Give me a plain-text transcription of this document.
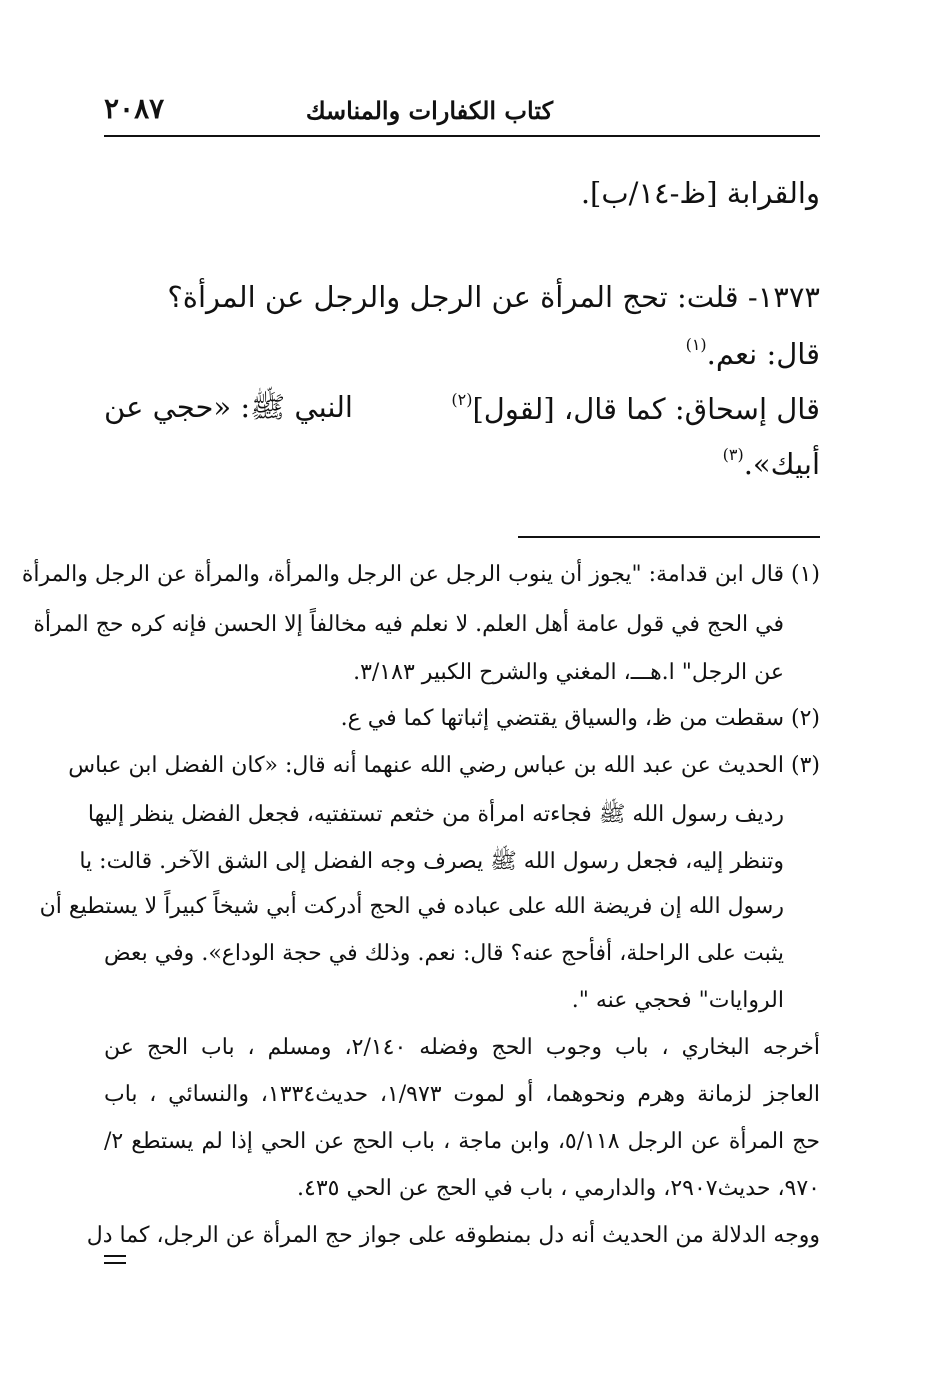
٢٠٨٧	كتاب الكفارات والمناسك
والقرابة [ظ-١٤/ب].
١٣٧٣- قلت: تحج المرأة عن الرجل والرجل عن المرأة؟
قال: نعم.$^{(١)}$
قال إسحاق: كما قال، [لقول]$^{(٢)}$
النبي ﷺ: «حجي عن
أبيك».$^{(٣)}$
(١) قال ابن قدامة: "يجوز أن ينوب الرجل عن الرجل والمرأة، والمرأة عن الرجل والمرأة
في الحج في قول عامة أهل العلم. لا نعلم فيه مخالفاً إلا الحسن فإنه كره حج المرأة
عن الرجل" ا.هـــ، المغني والشرح الكبير ٣/١٨٣.
(٢) سقطت من ظ، والسياق يقتضي إثباتها كما في ع.
(٣) الحديث عن عبد الله بن عباس رضي الله عنهما أنه قال: «كان الفضل ابن عباس
رديف رسول الله ﷺ فجاءته امرأة من خثعم تستفتيه، فجعل الفضل ينظر إليها
وتنظر إليه، فجعل رسول الله ﷺ يصرف وجه الفضل إلى الشق الآخر. قالت: يا
رسول الله إن فريضة الله على عباده في الحج أدركت أبي شيخاً كبيراً لا يستطيع أن
يثبت على الراحلة، أفأحج عنه؟ قال: نعم. وذلك في حجة الوداع». وفي بعض
الروايات" فحجي عنه ".
أخرجه البخاري ، باب وجوب الحج وفضله ٢/١٤٠، ومسلم ، باب الحج عن
العاجز لزمانة وهرم ونحوهما، أو لموت ١/٩٧٣، حديث١٣٣٤، والنسائي ، باب
حج المرأة عن الرجل ٥/١١٨، وابن ماجة ، باب الحج عن الحي إذا لم يستطع ٢/
٩٧٠، حديث٢٩٠٧، والدارمي ، باب في الحج عن الحي ٤٣٥.
ووجه الدلالة من الحديث أنه دل بمنطوقه على جواز حج المرأة عن الرجل، كما دل
